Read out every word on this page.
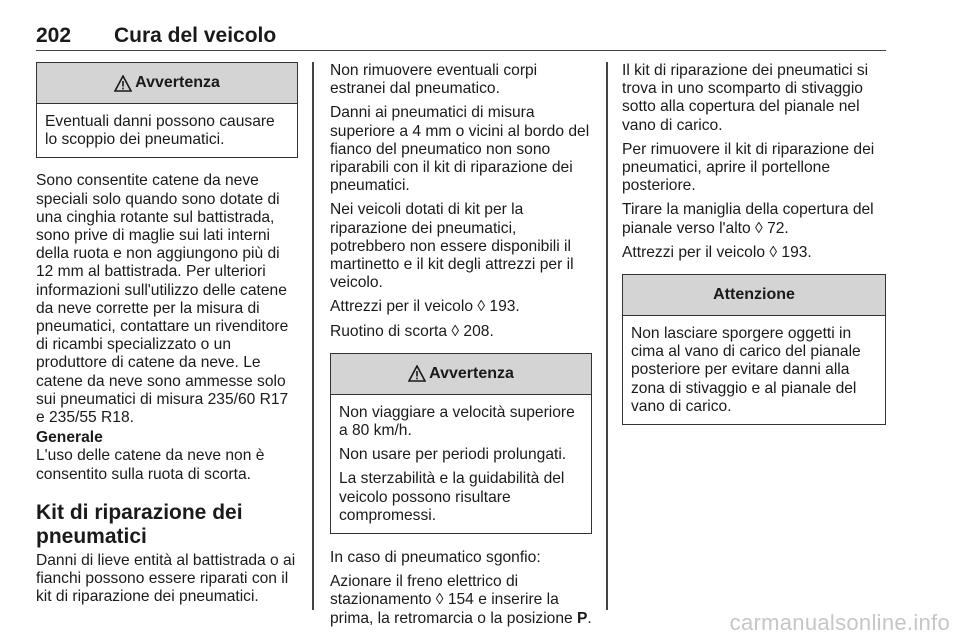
202 Cura del veicolo
Avvertenza

Eventuali danni possono causare lo scoppio dei pneumatici.

Sono consentite catene da neve speciali solo quando sono dotate di una cinghia rotante sul battistrada, sono prive di maglie sui lati interni della ruota e non aggiungono più di 12 mm al battistrada. Per ulteriori informazioni sull'utilizzo delle catene da neve corrette per la misura di pneumatici, contattare un rivenditore di ricambi specializzato o un produttore di catene da neve. Le catene da neve sono ammesse solo sui pneumatici di misura 235/60 R17 e 235/55 R18.

Generale

L'uso delle catene da neve non è consentito sulla ruota di scorta.

Kit di riparazione dei pneumatici

Danni di lieve entità al battistrada o ai fianchi possono essere riparati con il kit di riparazione dei pneumatici.

Non rimuovere eventuali corpi estranei dal pneumatico.

Danni ai pneumatici di misura superiore a 4 mm o vicini al bordo del fianco del pneumatico non sono riparabili con il kit di riparazione dei pneumatici.

Nei veicoli dotati di kit per la riparazione dei pneumatici, potrebbero non essere disponibili il martinetto e il kit degli attrezzi per il veicolo.

Attrezzi per il veicolo ◊ 193.

Ruotino di scorta ◊ 208.

Avvertenza

Non viaggiare a velocità superiore a 80 km/h.

Non usare per periodi prolungati.

La sterzabilità e la guidabilità del veicolo possono risultare compromessi.

In caso di pneumatico sgonfio:

Azionare il freno elettrico di stazionamento ◊ 154 e inserire la prima, la retromarcia o la posizione P.

Il kit di riparazione dei pneumatici si trova in uno scomparto di stivaggio sotto alla copertura del pianale nel vano di carico.

Per rimuovere il kit di riparazione dei pneumatici, aprire il portellone posteriore.

Tirare la maniglia della copertura del pianale verso l'alto ◊ 72.

Attrezzi per il veicolo ◊ 193.

Attenzione

Non lasciare sporgere oggetti in cima al vano di carico del pianale posteriore per evitare danni alla zona di stivaggio e al pianale del vano di carico.

carmanualsonline.info
